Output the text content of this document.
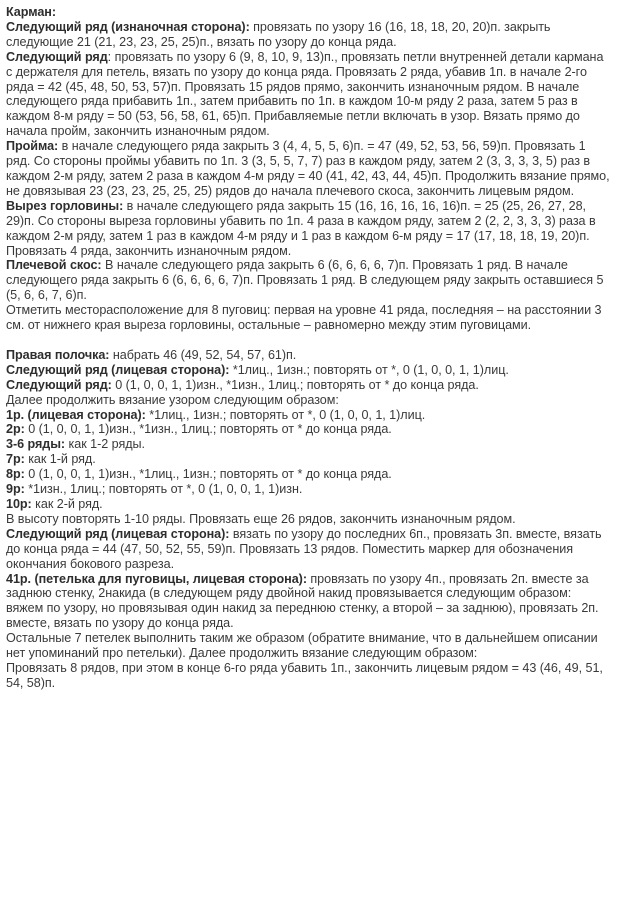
Карман:

Следующий ряд (изнаночная сторона): провязать по узору 16 (16, 18, 18, 20, 20)п. закрыть следующие 21 (21, 23, 23, 25, 25)п., вязать по узору до конца ряда.

Следующий ряд: провязать по узору 6 (9, 8, 10, 9, 13)п., провязать петли внутренней детали кармана с держателя для петель, вязать по узору до конца ряда. Провязать 2 ряда, убавив 1п. в начале 2-го ряда = 42 (45, 48, 50, 53, 57)п. Провязать 15 рядов прямо, закончить изнаночным рядом. В начале следующего ряда прибавить 1п., затем прибавить по 1п. в каждом 10-м ряду 2 раза, затем 5 раз в каждом 8-м ряду = 50 (53, 56, 58, 61, 65)п. Прибавляемые петли включать в узор. Вязать прямо до начала пройм, закончить изнаночным рядом.

Пройма: в начале следующего ряда закрыть 3 (4, 4, 5, 5, 6)п. = 47 (49, 52, 53, 56, 59)п. Провязать 1 ряд. Со стороны проймы убавить по 1п. 3 (3, 5, 5, 7, 7) раз в каждом ряду, затем 2 (3, 3, 3, 3, 5) раз в каждом 2-м ряду, затем 2 раза в каждом 4-м ряду = 40 (41, 42, 43, 44, 45)п. Продолжить вязание прямо, не довязывая 23 (23, 23, 25, 25, 25) рядов до начала плечевого скоса, закончить лицевым рядом.

Вырез горловины: в начале следующего ряда закрыть 15 (16, 16, 16, 16, 16)п. = 25 (25, 26, 27, 28, 29)п. Со стороны выреза горловины убавить по 1п. 4 раза в каждом ряду, затем 2 (2, 2, 3, 3, 3) раза в каждом 2-м ряду, затем 1 раз в каждом 4-м ряду и 1 раз в каждом 6-м ряду = 17 (17, 18, 18, 19, 20)п. Провязать 4 ряда, закончить изнаночным рядом.

Плечевой скос: В начале следующего ряда закрыть 6 (6, 6, 6, 6, 7)п. Провязать 1 ряд. В начале следующего ряда закрыть 6 (6, 6, 6, 6, 7)п. Провязать 1 ряд. В следующем ряду закрыть оставшиеся 5 (5, 6, 6, 7, 6)п.

Отметить месторасположение для 8 пуговиц: первая на уровне 41 ряда, последняя – на расстоянии 3 см. от нижнего края выреза горловины, остальные – равномерно между этим пуговицами.

Правая полочка: набрать 46 (49, 52, 54, 57, 61)п.

Следующий ряд (лицевая сторона): *1лиц., 1изн.; повторять от *, 0 (1, 0, 0, 1, 1)лиц.

Следующий ряд: 0 (1, 0, 0, 1, 1)изн., *1изн., 1лиц.; повторять от * до конца ряда.

Далее продолжить вязание узором следующим образом:

1р. (лицевая сторона): *1лиц., 1изн.; повторять от *, 0 (1, 0, 0, 1, 1)лиц.

2р: 0 (1, 0, 0, 1, 1)изн., *1изн., 1лиц.; повторять от * до конца ряда.

3-6 ряды: как 1-2 ряды.

7р: как 1-й ряд.

8р: 0 (1, 0, 0, 1, 1)изн., *1лиц., 1изн.; повторять от * до конца ряда.

9р: *1изн., 1лиц.; повторять от *, 0 (1, 0, 0, 1, 1)изн.

10р: как 2-й ряд.

В высоту повторять 1-10 ряды. Провязать еще 26 рядов, закончить изнаночным рядом.

Следующий ряд (лицевая сторона): вязать по узору до последних 6п., провязать 3п. вместе, вязать до конца ряда = 44 (47, 50, 52, 55, 59)п. Провязать 13 рядов. Поместить маркер для обозначения окончания бокового разреза.

41р. (петелька для пуговицы, лицевая сторона): провязать по узору 4п., провязать 2п. вместе за заднюю стенку, 2накида (в следующем ряду двойной накид провязывается следующим образом: вяжем по узору, но провязывая один накид за переднюю стенку, а второй – за заднюю), провязать 2п. вместе, вязать по узору до конца ряда.

Остальные 7 петелек выполнить таким же образом (обратите внимание, что в дальнейшем описании нет упоминаний про петельки). Далее продолжить вязание следующим образом:

Провязать 8 рядов, при этом в конце 6-го ряда убавить 1п., закончить лицевым рядом = 43 (46, 49, 51, 54, 58)п.
